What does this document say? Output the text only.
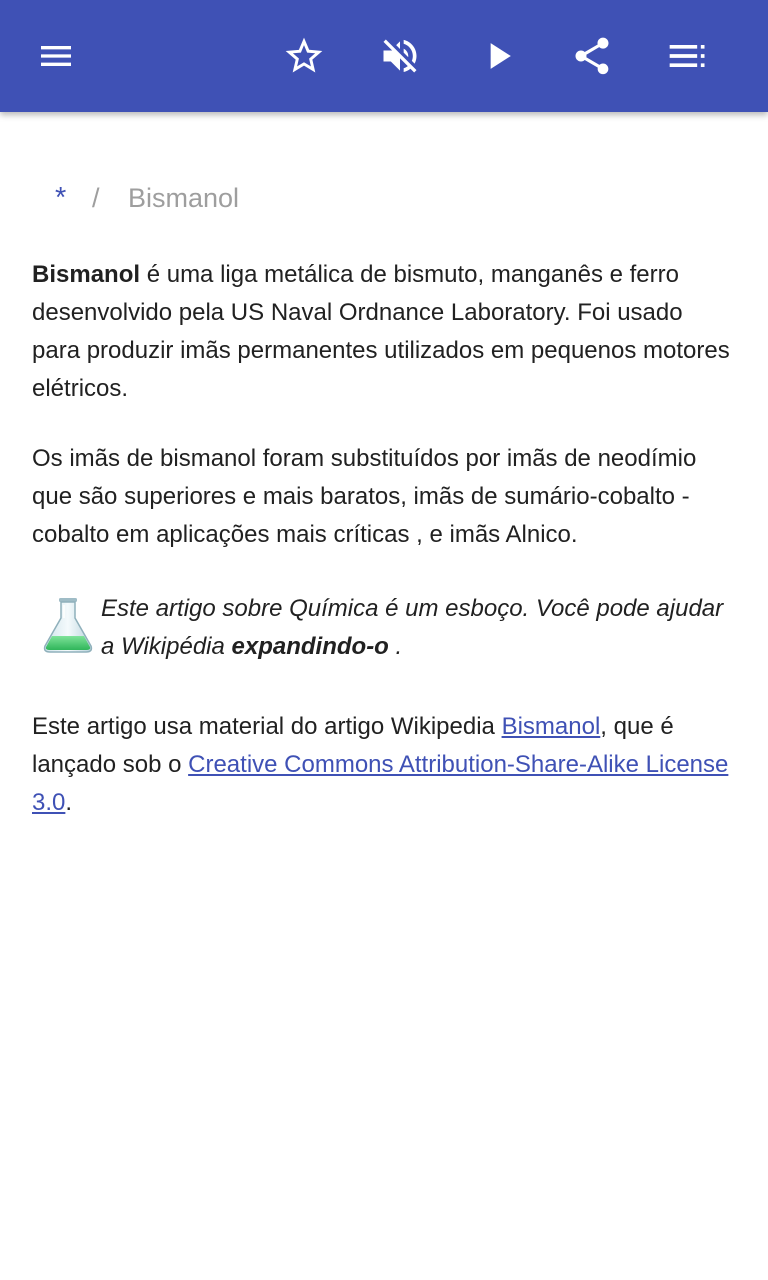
* / Bismanol

Bismanol é uma liga metálica de bismuto, manganês e ferro desenvolvido pela US Naval Ordnance Laboratory. Foi usado para produzir imãs permanentes utilizados em pequenos motores elétricos.

Os imãs de bismanol foram substituídos por imãs de neodímio que são superiores e mais baratos, imãs de sumário-cobalto -cobalto em aplicações mais críticas , e imãs Alnico.

Este artigo sobre Química é um esboço. Você pode ajudar a Wikipédia expandindo-o .

Este artigo usa material do artigo Wikipedia Bismanol, que é lançado sob o Creative Commons Attribution-Share-Alike License 3.0.
